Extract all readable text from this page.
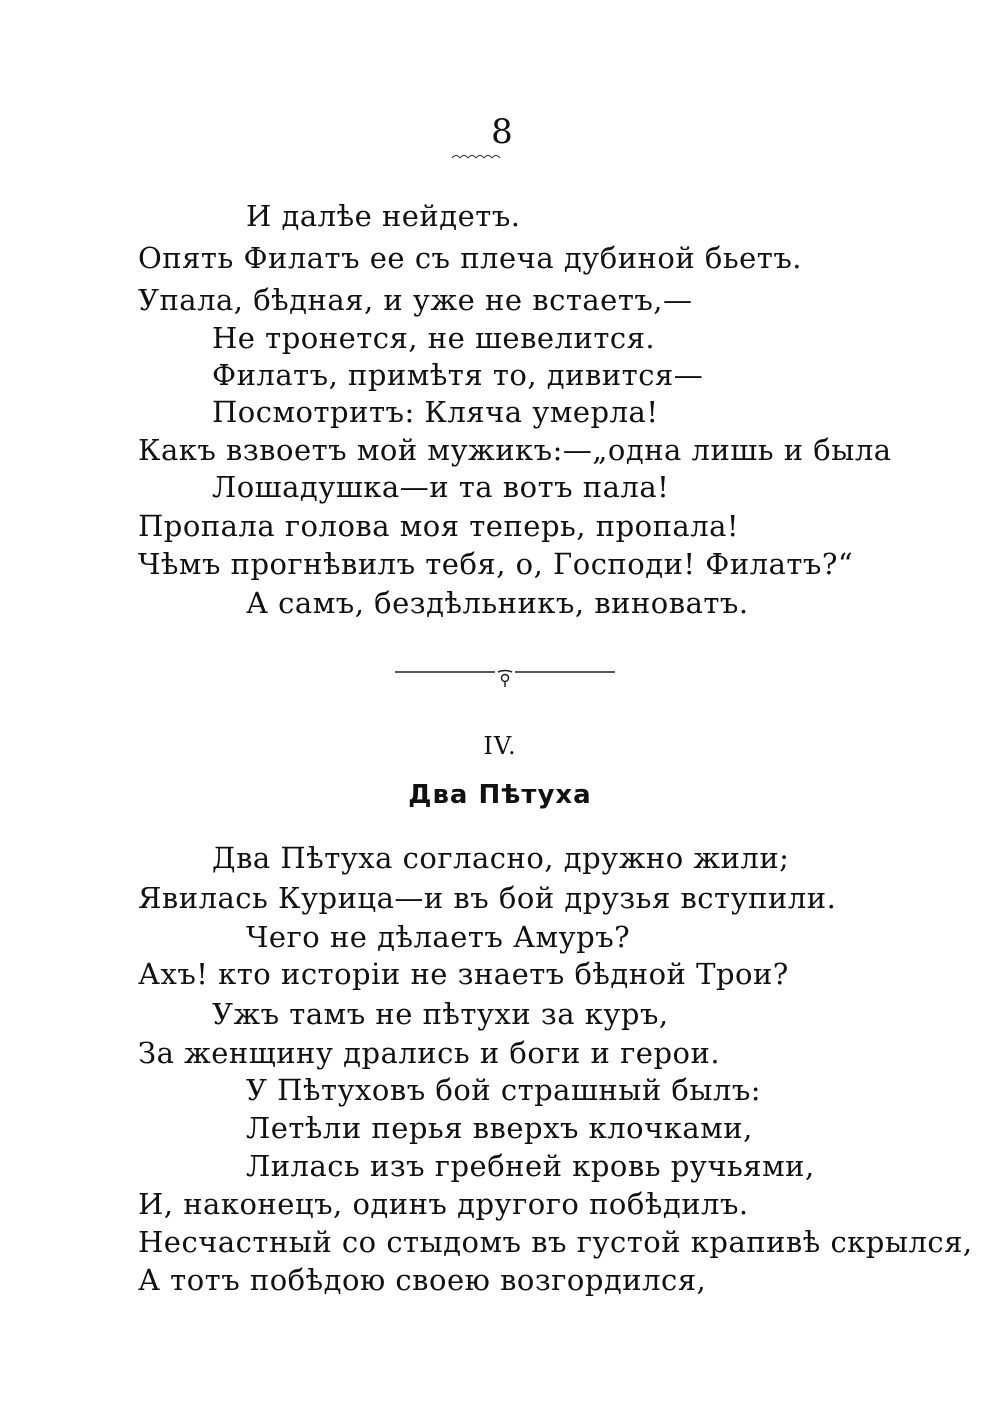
8
И далѣе нейдетъ.
Опять Филатъ ее съ плеча дубиной бьетъ.
Упала, бѣдная, и уже не встаетъ,—
Не тронется, не шевелится.
Филатъ, примѣтя то, дивится—
Посмотритъ: Кляча умерла!
Какъ взвоетъ мой мужикъ:—„одна лишь и была
Лошадушка—и та вотъ пала!
Пропала голова моя теперь, пропала!
Чѣмъ прогнѣвилъ тебя, о, Господи! Филатъ?“
А самъ, бездѣльникъ, виноватъ.
IV.
Два Пѣтуха
Два Пѣтуха согласно, дружно жили;
Явилась Курица—и въ бой друзья вступили.
Чего не дѣлаетъ Амуръ?
Ахъ! кто исторіи не знаетъ бѣдной Трои?
Ужъ тамъ не пѣтухи за куръ,
За женщину дрались и боги и герои.
У Пѣтуховъ бой страшный былъ:
Летѣли перья вверхъ клочками,
Лилась изъ гребней кровь ручьями,
И, наконецъ, одинъ другого побѣдилъ.
Несчастный со стыдомъ въ густой крапивѣ скрылся,
А тотъ побѣдою своею возгордился,
